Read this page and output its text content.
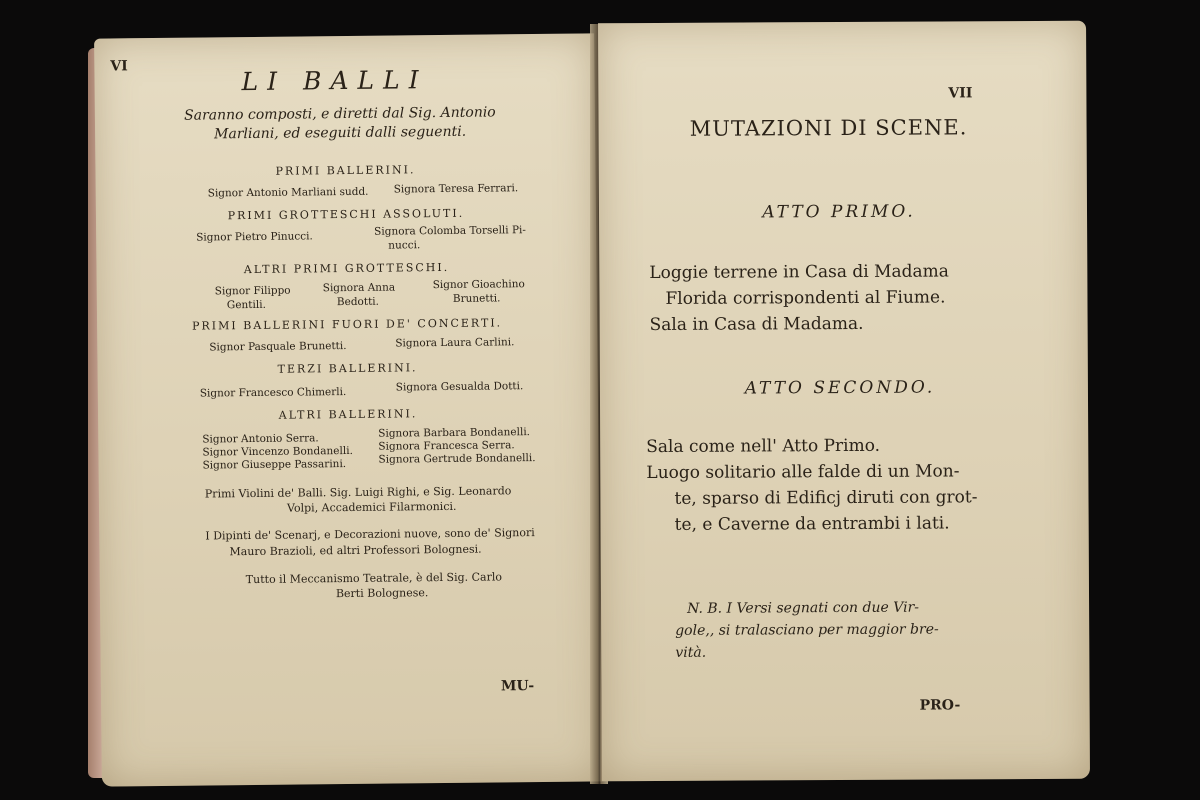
VI	LI BALLI
Saranno composti, e diretti dal Sig. Antonio
Marliani, ed eseguiti dalli seguenti.
PRIMI BALLERINI.
Signor Antonio Marliani sudd. Signora Teresa Ferrari.
PRIMI GROTTESCHI ASSOLUTI.
Signor Pietro Pinucci.	Signora Colomba Torselli Pi-
nucci.
ALTRI PRIMI GROTTESCHI.
Signor Filippo	Signora Anna	Signor Gioachino
Gentili.	Bedotti.	Brunetti.
PRIMI BALLERINI FUORI DE' CONCERTI.
Signor Pasquale Brunetti.	Signora Laura Carlini.
TERZI BALLERINI.
Signor Francesco Chimerli.	Signora Gesualda Dotti.
ALTRI BALLERINI.
Signor Antonio Serra.	Signora Barbara Bondanelli.
Signor Vincenzo Bondanelli. Signora Francesca Serra.
Signor Giuseppe Passarini.	Signora Gertrude Bondanelli.
Primi Violini de' Balli. Sig. Luigi Righi, e Sig. Leonardo
Volpi, Accademici Filarmonici.
I Dipinti de' Scenarj, e Decorazioni nuove, sono de' Signori
Mauro Brazioli, ed altri Professori Bolognesi.
Tutto il Meccanismo Teatrale, è del Sig. Carlo
Berti Bolognese.
MU-
VII
MUTAZIONI DI SCENE.
ATTO PRIMO.
Loggie terrene in Casa di Madama
Florida corrispondenti al Fiume.
Sala in Casa di Madama.
ATTO SECONDO.
Sala come nell' Atto Primo.
Luogo solitario alle falde di un Mon-
te, sparso di Edificj diruti con grot-
te, e Caverne da entrambi i lati.
N. B. I Versi segnati con due Vir-
gole,, si tralasciano per maggior bre-
vità.
PRO-
